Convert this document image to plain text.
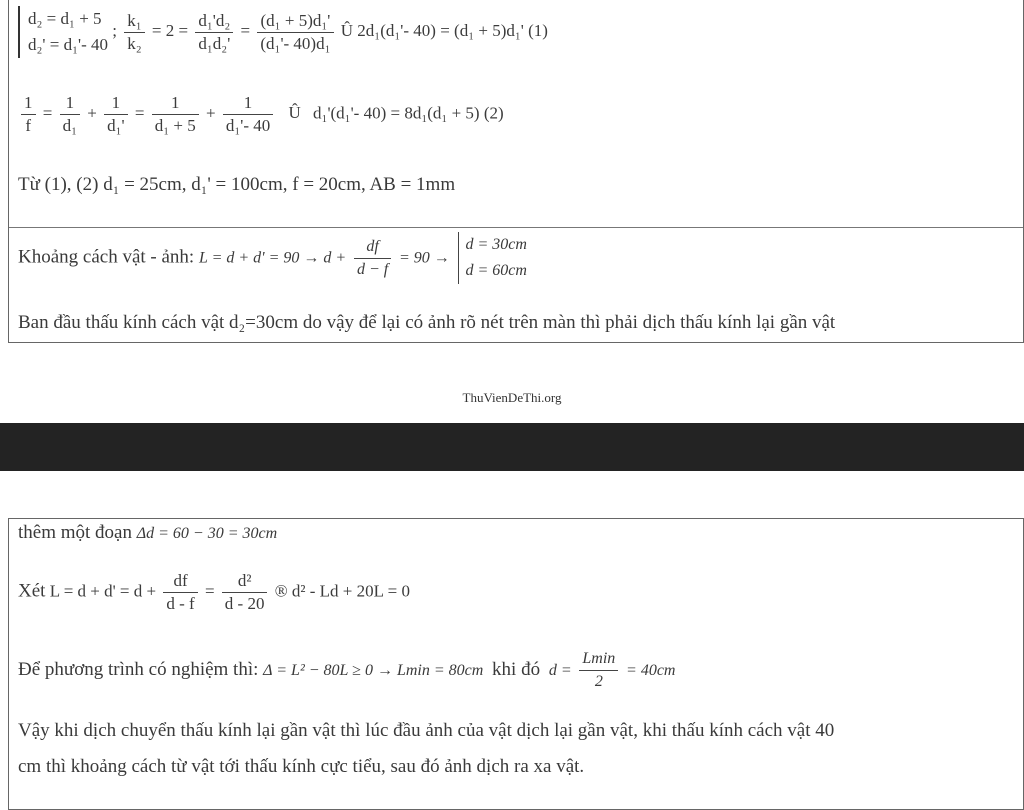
d₂ = d₁ + 5
d₂' = d₁'- 40
; $\frac{\text{k₁}}{\text{k₂}} = 2 = \frac{\text{d₁'d₂}}{\text{d₁d₂'}} = \frac{\text{(d₁ + 5)d₁'}}{\text{(d₁'- 40)d₁}}$ Û 2d₁(d₁'- 40) = (d₁ + 5)d₁' (1)
$\frac{1}{f} = \frac{1}{\text{d₁}} + \frac{1}{\text{d₁'}} = \frac{1}{\text{d₁ + 5}} + \frac{1}{\text{d₁'- 40}}$ Û d₁'(d₁'- 40) = 8d₁(d₁ + 5) (2)
Từ (1), (2) d₁ = 25cm, d₁' = 100cm, f = 20cm, AB = 1mm
Khoảng cách vật - ảnh: $L = d + d' = 90 \to d + \frac{df}{d - f} = 90$ →
d = 30cm
d = 60cm
Ban đầu thấu kính cách vật d₂=30cm do vậy để lại có ảnh rõ nét trên màn thì phải dịch thấu kính lại gần vật
ThuVienDeThi.org
thêm một đoạn Δd = 60 − 30 = 30cm
Xét $L = d + d' = d + \frac{df}{d - f} = \frac{\text{d²}}{d - 20}$ ® d² - Ld + 20L = 0
Để phương trình có nghiệm thì: Δ = L² − 80L ≥ 0 → Lmin = 80cm khi đó $d = \frac{Lmin}{2} = 40cm$
Vậy khi dịch chuyển thấu kính lại gần vật thì lúc đầu ảnh của vật dịch lại gần vật, khi thấu kính cách vật 40
cm thì khoảng cách từ vật tới thấu kính cực tiểu, sau đó ảnh dịch ra xa vật.
